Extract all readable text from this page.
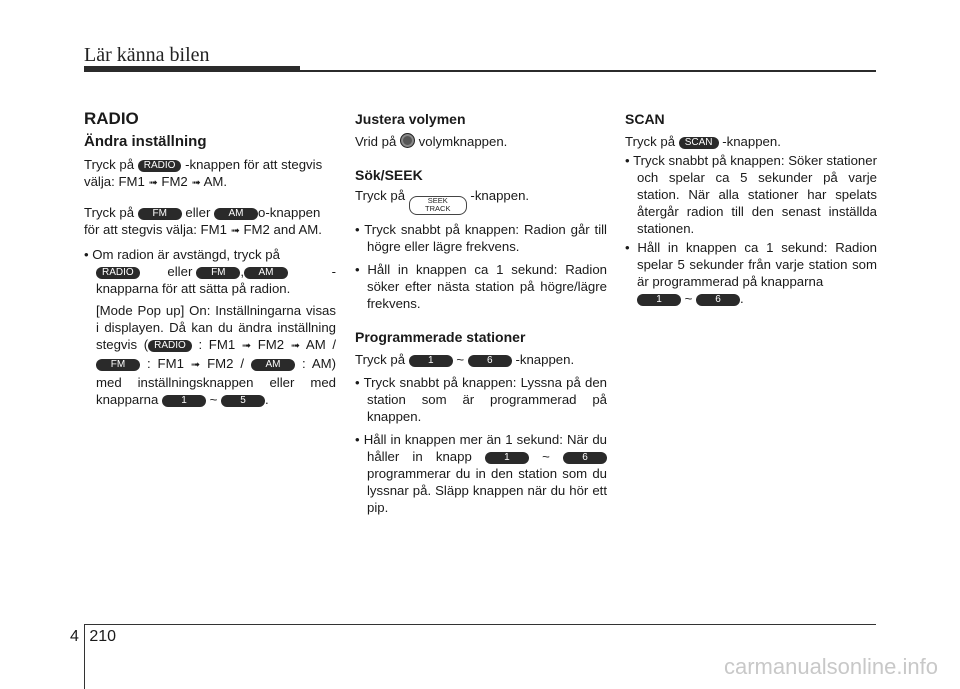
Lär känna bilen

RADIO

Ändra inställning

Tryck på RADIO -knappen för att stegvis välja: FM1 ➟ FM2 ➟ AM.

Tryck på FM eller AM o-knappen för att stegvis välja: FM1 ➟ FM2 and AM.

• Om radion är avstängd, tryck på
RADIO	eller FM , AM	- knapparna för att sätta på radion.

[Mode Pop up] On: Inställningarna visas i displayen. Då kan du ändra inställning stegvis ( RADIO : FM1 ➟ FM2 ➟ AM / FM : FM1 ➟ FM2 / AM : AM) med inställningsknappen eller med knapparna 1 ~ 5 .

Justera volymen

Vrid på volymknappen.

Sök/SEEK

Tryck på	SEEK
TRACK
-knappen.

• Tryck snabbt på knappen: Radion går till högre eller lägre frekvens.

• Håll in knappen ca 1 sekund: Radion söker efter nästa station på högre/lägre frekvens.

Programmerade stationer

Tryck på 1 ~ 6 -knappen.

• Tryck snabbt på knappen: Lyssna på den station som är programmerad på knappen.

• Håll in knappen mer än 1 sekund: När du håller in knapp	1 ~	6 programmerar du in den station som du lyssnar på. Släpp knappen när du hör ett pip.

SCAN

Tryck på SCAN -knappen.

• Tryck snabbt på knappen: Söker stationer och spelar ca 5 sekunder på varje station. När alla stationer har spelats återgår radion till den senast inställda stationen.

• Håll in knappen ca 1 sekund: Radion spelar 5 sekunder från varje station som är programmerad på knapparna
1 ~ 6 .

4 210
carmanualsonline.info
